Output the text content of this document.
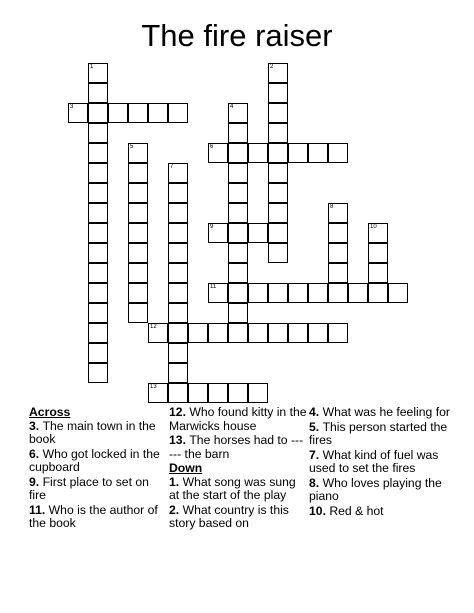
The fire raiser
1	2
3	4
5	6
7
8
9	10
11
12
13
Across
3. The main town in the book
6. Who got locked in the cupboard
9. First place to set on fire
11. Who is the author of the book
12. Who found kitty in the Marwicks house
13. The horses had to ------ the barn
Down
1. What song was sung at the start of the play
2. What country is this story based on
4. What was he feeling for
5. This person started the fires
7. What kind of fuel was used to set the fires
8. Who loves playing the piano
10. Red & hot
